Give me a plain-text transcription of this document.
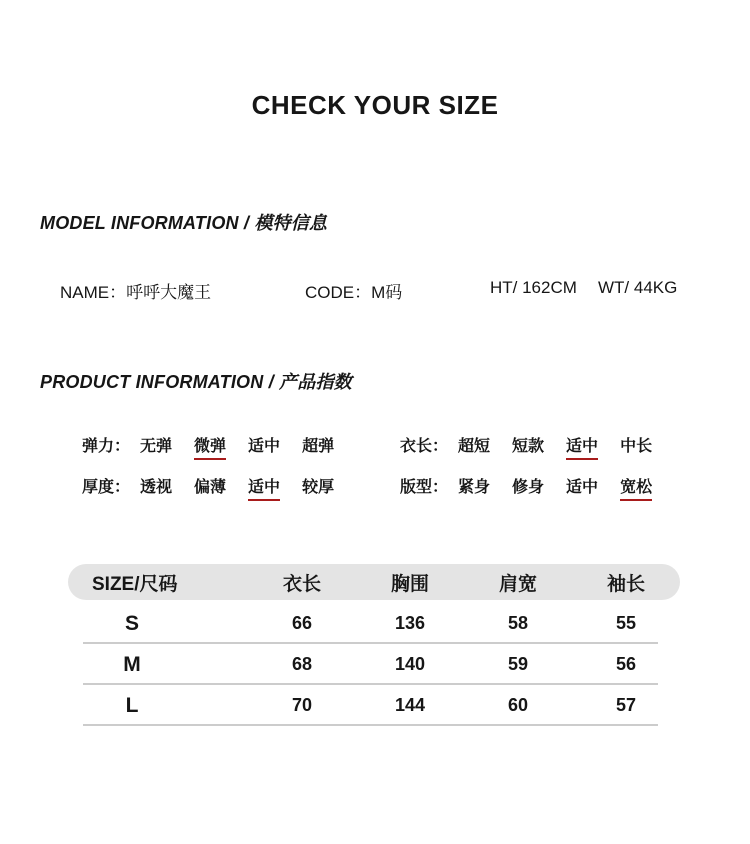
CHECK YOUR SIZE
MODEL INFORMATION / 模特信息
NAME：呼呼大魔王	CODE：M码	HT/ 162CM WT/ 44KG
PRODUCT INFORMATION / 产品指数
弹力： 无弹 微弹 适中 超弹	衣长： 超短 短款 适中 中长
厚度： 透视 偏薄 适中 较厚	版型： 紧身 修身 适中 宽松
SIZE/尺码	衣长	胸围	肩宽	袖长
S	66	136	58	55
M	68	140	59	56
L	70	144	60	57
